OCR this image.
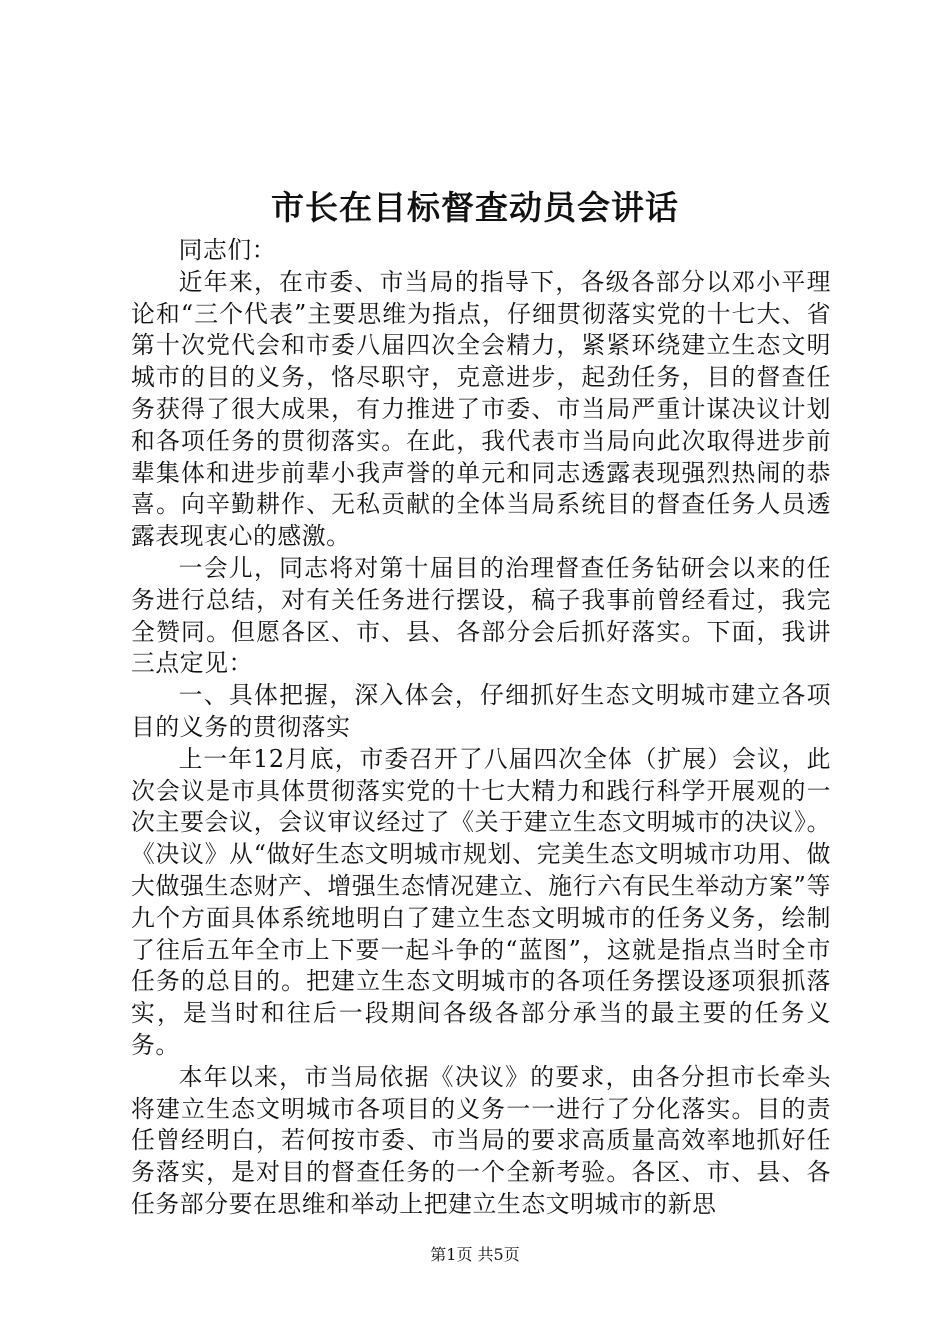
市长在目标督查动员会讲话

同志们：

近年来，在市委、市当局的指导下，各级各部分以邓小平理论和“三个代表”主要思维为指点，仔细贯彻落实党的十七大、省第十次党代会和市委八届四次全会精力，紧紧环绕建立生态文明城市的目的义务，恪尽职守，克意进步，起劲任务，目的督查任务获得了很大成果，有力推进了市委、市当局严重计谋决议计划和各项任务的贯彻落实。在此，我代表市当局向此次取得进步前辈集体和进步前辈小我声誉的单元和同志透露表现强烈热闹的恭喜。向辛勤耕作、无私贡献的全体当局系统目的督查任务人员透露表现衷心的感激。

一会儿，同志将对第十届目的治理督查任务钻研会以来的任务进行总结，对有关任务进行摆设，稿子我事前曾经看过，我完全赞同。但愿各区、市、县、各部分会后抓好落实。下面，我讲三点定见：

一、具体把握，深入体会，仔细抓好生态文明城市建立各项目的义务的贯彻落实

上一年12月底，市委召开了八届四次全体（扩展）会议，此次会议是市具体贯彻落实党的十七大精力和践行科学开展观的一次主要会议，会议审议经过了《关于建立生态文明城市的决议》。《决议》从“做好生态文明城市规划、完美生态文明城市功用、做大做强生态财产、增强生态情况建立、施行六有民生举动方案”等九个方面具体系统地明白了建立生态文明城市的任务义务，绘制了往后五年全市上下要一起斗争的“蓝图”，这就是指点当时全市任务的总目的。把建立生态文明城市的各项任务摆设逐项狠抓落实，是当时和往后一段期间各级各部分承当的最主要的任务义务。

本年以来，市当局依据《决议》的要求，由各分担市长牵头将建立生态文明城市各项目的义务一一进行了分化落实。目的责任曾经明白，若何按市委、市当局的要求高质量高效率地抓好任务落实，是对目的督查任务的一个全新考验。各区、市、县、各任务部分要在思维和举动上把建立生态文明城市的新思

第1页 共5页
